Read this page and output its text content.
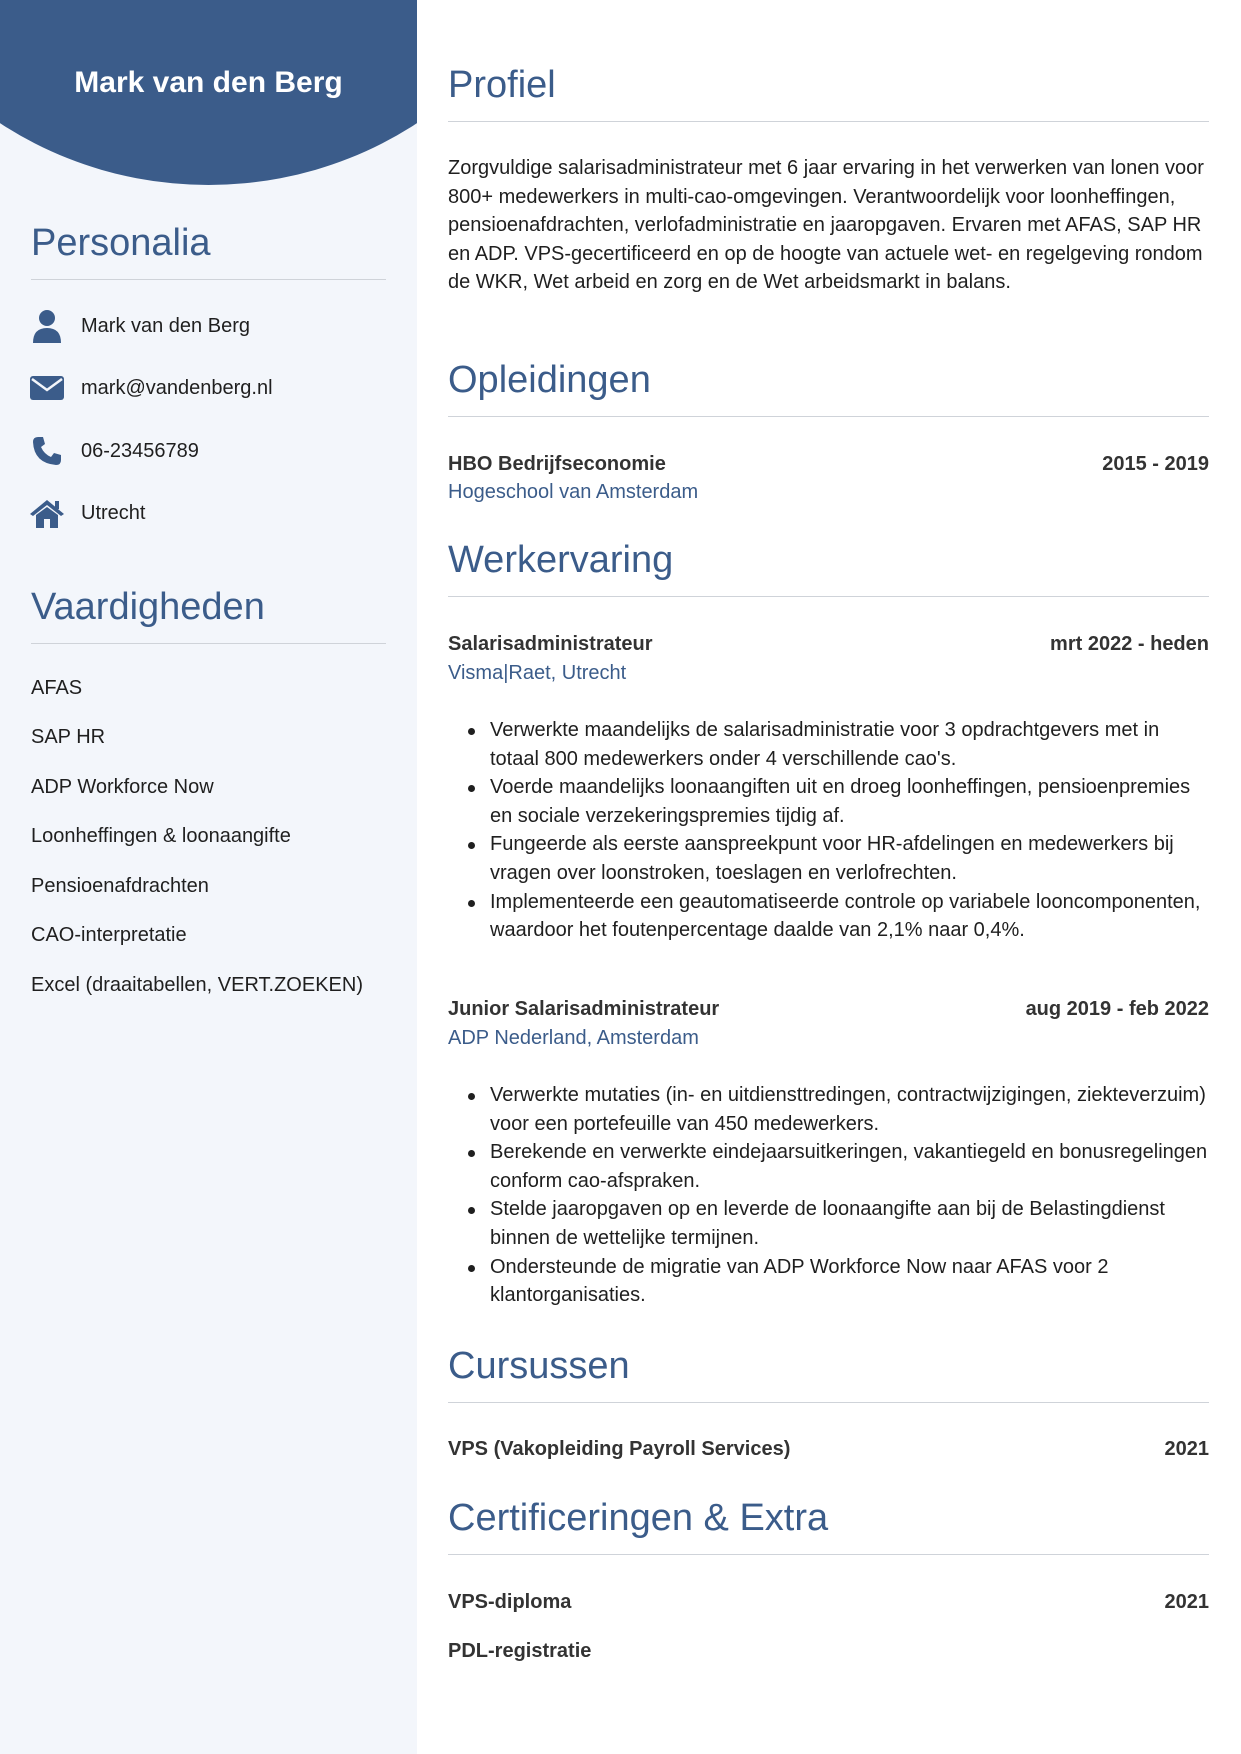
Mark van den Berg
Personalia
Mark van den Berg
mark@vandenberg.nl
06-23456789
Utrecht
Vaardigheden
AFAS
SAP HR
ADP Workforce Now
Loonheffingen & loonaangifte
Pensioenafdrachten
CAO-interpretatie
Excel (draaitabellen, VERT.ZOEKEN)
Profiel
Zorgvuldige salarisadministrateur met 6 jaar ervaring in het verwerken van lonen voor 800+ medewerkers in multi-cao-omgevingen. Verantwoordelijk voor loonheffingen, pensioenafdrachten, verlofadministratie en jaaropgaven. Ervaren met AFAS, SAP HR en ADP. VPS-gecertificeerd en op de hoogte van actuele wet- en regelgeving rondom de WKR, Wet arbeid en zorg en de Wet arbeidsmarkt in balans.
Opleidingen
HBO Bedrijfseconomie	2015 - 2019
Hogeschool van Amsterdam
Werkervaring
Salarisadministrateur	mrt 2022 - heden
Visma|Raet, Utrecht
Verwerkte maandelijks de salarisadministratie voor 3 opdrachtgevers met in totaal 800 medewerkers onder 4 verschillende cao's.
Voerde maandelijks loonaangiften uit en droeg loonheffingen, pensioenpremies en sociale verzekeringspremies tijdig af.
Fungeerde als eerste aanspreekpunt voor HR-afdelingen en medewerkers bij vragen over loonstroken, toeslagen en verlofrechten.
Implementeerde een geautomatiseerde controle op variabele looncomponenten, waardoor het foutenpercentage daalde van 2,1% naar 0,4%.
Junior Salarisadministrateur	aug 2019 - feb 2022
ADP Nederland, Amsterdam
Verwerkte mutaties (in- en uitdiensttredingen, contractwijzigingen, ziekteverzuim) voor een portefeuille van 450 medewerkers.
Berekende en verwerkte eindejaarsuitkeringen, vakantiegeld en bonusregelingen conform cao-afspraken.
Stelde jaaropgaven op en leverde de loonaangifte aan bij de Belastingdienst binnen de wettelijke termijnen.
Ondersteunde de migratie van ADP Workforce Now naar AFAS voor 2 klantorganisaties.
Cursussen
VPS (Vakopleiding Payroll Services)	2021
Certificeringen & Extra
VPS-diploma	2021
PDL-registratie
